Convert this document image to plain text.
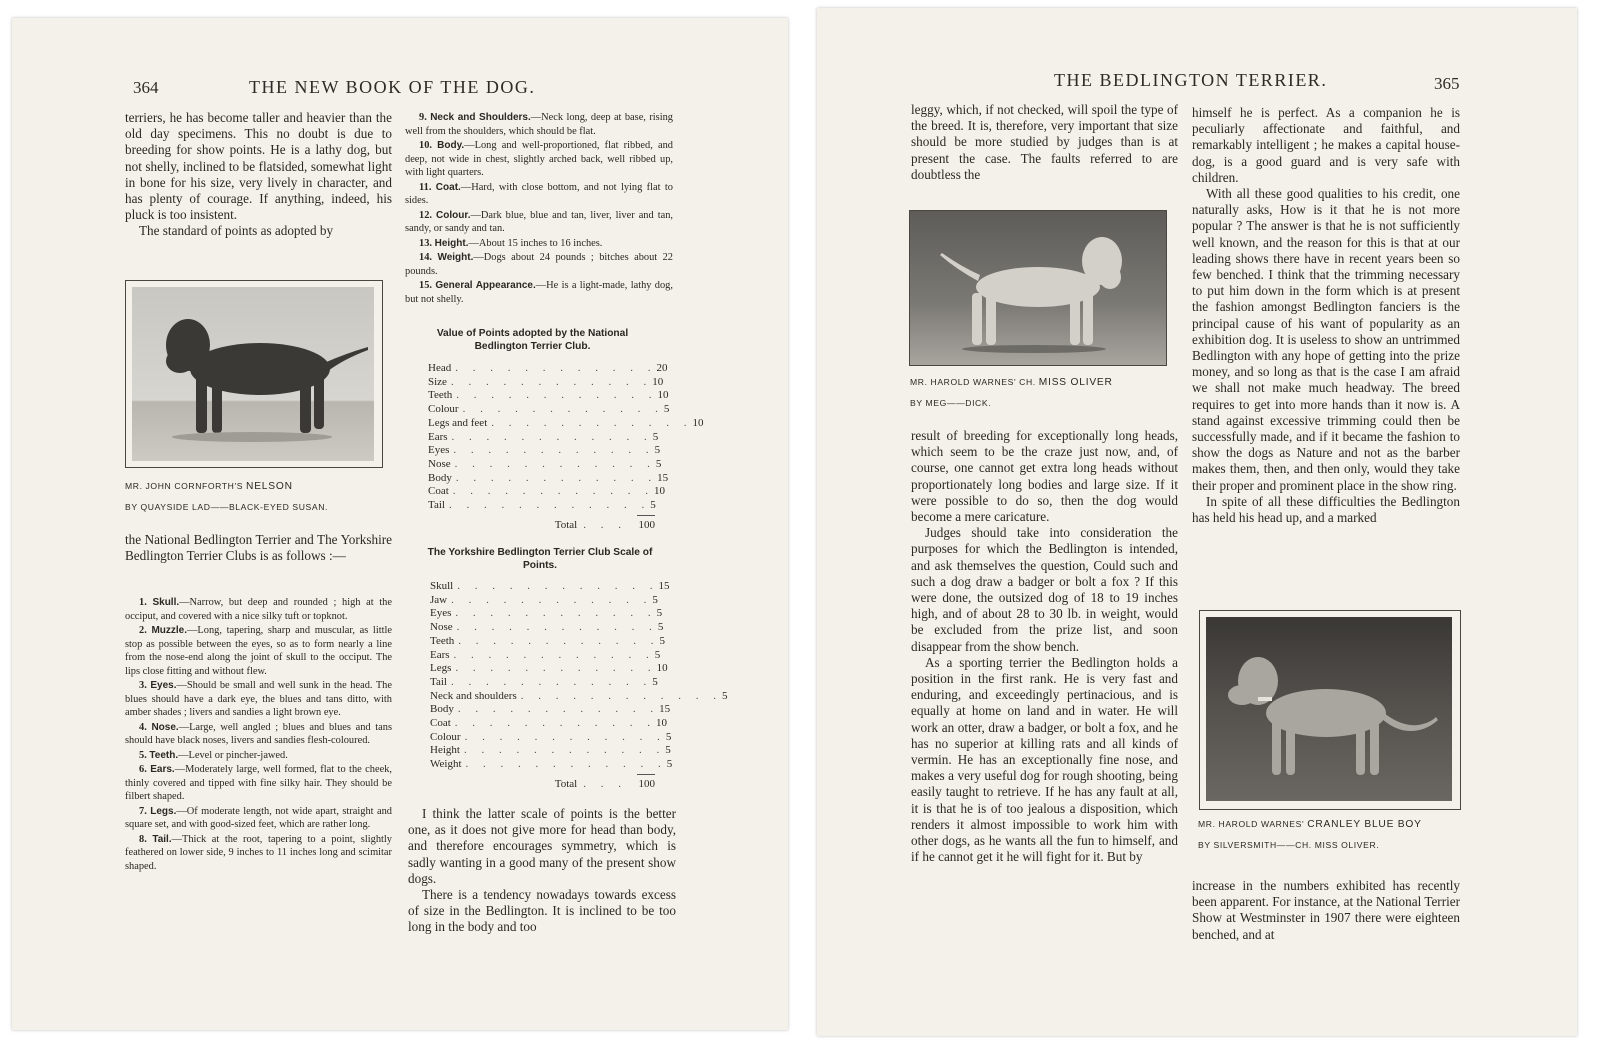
364	THE NEW BOOK OF THE DOG.

terriers, he has become taller and heavier than the old day specimens. This no doubt is due to breeding for show points. He is a lathy dog, but not shelly, inclined to be flatsided, somewhat light in bone for his size, very lively in character, and has plenty of courage. If anything, indeed, his pluck is too insistent.

The standard of points as adopted by

MR. JOHN CORNFORTH'S NELSON
BY QUAYSIDE LAD——BLACK-EYED SUSAN.

the National Bedlington Terrier and The Yorkshire Bedlington Terrier Clubs is as follows :—

1. Skull.—Narrow, but deep and rounded ; high at the occiput, and covered with a nice silky tuft or topknot.

2. Muzzle.—Long, tapering, sharp and muscular, as little stop as possible between the eyes, so as to form nearly a line from the nose-end along the joint of skull to the occiput. The lips close fitting and without flew.

3. Eyes.—Should be small and well sunk in the head. The blues should have a dark eye, the blues and tans ditto, with amber shades ; livers and sandies a light brown eye.

4. Nose.—Large, well angled ; blues and blues and tans should have black noses, livers and sandies flesh-coloured.

5. Teeth.—Level or pincher-jawed.

6. Ears.—Moderately large, well formed, flat to the cheek, thinly covered and tipped with fine silky hair. They should be filbert shaped.

7. Legs.—Of moderate length, not wide apart, straight and square set, and with good-sized feet, which are rather long.

8. Tail.—Thick at the root, tapering to a point, slightly feathered on lower side, 9 inches to 11 inches long and scimitar shaped.

9. Neck and Shoulders.—Neck long, deep at base, rising well from the shoulders, which should be flat.

10. Body.—Long and well-proportioned, flat ribbed, and deep, not wide in chest, slightly arched back, well ribbed up, with light quarters.

11. Coat.—Hard, with close bottom, and not lying flat to sides.

12. Colour.—Dark blue, blue and tan, liver, liver and tan, sandy, or sandy and tan.

13. Height.—About 15 inches to 16 inches.

14. Weight.—Dogs about 24 pounds ; bitches about 22 pounds.

15. General Appearance.—He is a light-made, lathy dog, but not shelly.

Value of Points adopted by the National Bedlington Terrier Club.
Head . . . . . . . . . . . . 20
Size . . . . . . . . . . . . 10
Teeth . . . . . . . . . . . . 10
Colour . . . . . . . . . . . . 5
Legs and feet . . . . . . . . . . . . 10
Ears . . . . . . . . . . . . 5
Eyes . . . . . . . . . . . . 5
Nose . . . . . . . . . . . . 5
Body . . . . . . . . . . . . 15
Coat . . . . . . . . . . . . 10
Tail . . . . . . . . . . . . 5
Total . . .	100
The Yorkshire Bedlington Terrier Club Scale of Points.
Skull . . . . . . . . . . . . 15
Jaw . . . . . . . . . . . . 5
Eyes . . . . . . . . . . . . 5
Nose . . . . . . . . . . . . 5
Teeth . . . . . . . . . . . . 5
Ears . . . . . . . . . . . . 5
Legs . . . . . . . . . . . . 10
Tail . . . . . . . . . . . . 5
Neck and shoulders . . . . . . . . . . . . 5
Body . . . . . . . . . . . . 15
Coat . . . . . . . . . . . . 10
Colour . . . . . . . . . . . . 5
Height . . . . . . . . . . . . 5
Weight . . . . . . . . . . . . 5
Total . . .	100

I think the latter scale of points is the better one, as it does not give more for head than body, and therefore encourages symmetry, which is sadly wanting in a good many of the present show dogs.

There is a tendency nowadays towards excess of size in the Bedlington. It is inclined to be too long in the body and too

THE BEDLINGTON TERRIER.	365

leggy, which, if not checked, will spoil the type of the breed. It is, therefore, very important that size should be more studied by judges than is at present the case. The faults referred to are doubtless the

MR. HAROLD WARNES' CH. MISS OLIVER
BY MEG——DICK.

result of breeding for exceptionally long heads, which seem to be the craze just now, and, of course, one cannot get extra long heads without proportionately long bodies and large size. If it were possible to do so, then the dog would become a mere caricature.

Judges should take into consideration the purposes for which the Bedlington is intended, and ask themselves the question, Could such and such a dog draw a badger or bolt a fox ? If this were done, the outsized dog of 18 to 19 inches high, and of about 28 to 30 lb. in weight, would be excluded from the prize list, and soon disappear from the show bench.

As a sporting terrier the Bedlington holds a position in the first rank. He is very fast and enduring, and exceedingly pertinacious, and is equally at home on land and in water. He will work an otter, draw a badger, or bolt a fox, and he has no superior at killing rats and all kinds of vermin. He has an exceptionally fine nose, and makes a very useful dog for rough shooting, being easily taught to retrieve. If he has any fault at all, it is that he is of too jealous a disposition, which renders it almost impossible to work him with other dogs, as he wants all the fun to himself, and if he cannot get it he will fight for it. But by

himself he is perfect. As a companion he is peculiarly affectionate and faithful, and remarkably intelligent ; he makes a capital house-dog, is a good guard and is very safe with children.

With all these good qualities to his credit, one naturally asks, How is it that he is not more popular ? The answer is that he is not sufficiently well known, and the reason for this is that at our leading shows there have in recent years been so few benched. I think that the trimming necessary to put him down in the form which is at present the fashion amongst Bedlington fanciers is the principal cause of his want of popularity as an exhibition dog. It is useless to show an untrimmed Bedlington with any hope of getting into the prize money, and so long as that is the case I am afraid we shall not make much headway. The breed requires to get into more hands than it now is. A stand against excessive trimming could then be successfully made, and if it became the fashion to show the dogs as Nature and not as the barber makes them, then, and then only, would they take their proper and prominent place in the show ring.

In spite of all these difficulties the Bedlington has held his head up, and a marked

MR. HAROLD WARNES' CRANLEY BLUE BOY
BY SILVERSMITH——CH. MISS OLIVER.

increase in the numbers exhibited has recently been apparent. For instance, at the National Terrier Show at Westminster in 1907 there were eighteen benched, and at
